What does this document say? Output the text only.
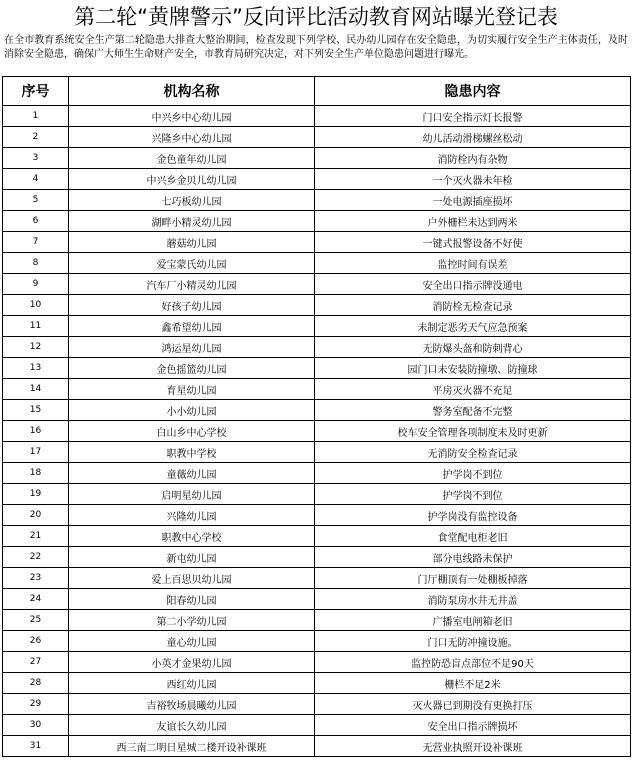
第二轮“黄牌警示”反向评比活动教育网站曝光登记表
在全市教育系统安全生产第二轮隐患大排查大整治期间，检查发现下列学校、民办幼儿园存在安全隐患，为切实履行安全生产主体责任，及时消除安全隐患，确保广大师生生命财产安全，市教育局研究决定，对下列安全生产单位隐患问题进行曝光。
序号	机构名称	隐患内容
1	中兴乡中心幼儿园	门口安全指示灯长报警
2	兴隆乡中心幼儿园	幼儿活动滑梯螺丝松动
3	金色童年幼儿园	消防栓内有杂物
4	中兴乡金贝儿幼儿园	一个灭火器未年检
5	七巧板幼儿园	一处电源插座损坏
6	湖畔小精灵幼儿园	户外栅栏未达到两米
7	蘑菇幼儿园	一键式报警设备不好使
8	爱宝蒙氏幼儿园	监控时间有误差
9	汽车厂小精灵幼儿园	安全出口指示牌没通电
10	好孩子幼儿园	消防栓无检查记录
11	鑫希望幼儿园	未制定恶劣天气应急预案
12	鸿运星幼儿园	无防爆头盔和防刺背心
13	金色摇篮幼儿园	园门口未安装防撞墩、防撞球
14	育星幼儿园	平房灭火器不充足
15	小小幼儿园	警务室配备不完整
16	白山乡中心学校	校车安全管理各项制度未及时更新
17	职教中学校	无消防安全检查记录
18	童薇幼儿园	护学岗不到位
19	启明星幼儿园	护学岗不到位
20	兴隆幼儿园	护学岗没有监控设备
21	职教中心学校	食堂配电柜老旧
22	新屯幼儿园	部分电线路未保护
23	爱上百思贝幼儿园	门厅棚顶有一处棚板掉落
24	阳春幼儿园	消防泵房水井无井盖
25	第二小学幼儿园	广播室电闸箱老旧
26	童心幼儿园	门口无防冲撞设施。
27	小英才金果幼儿园	监控防恐盲点部位不足90天
28	西红幼儿园	栅栏不足2米
29	吉裕牧场晨曦幼儿园	灭火器已到期没有更换打压
30	友谊长久幼儿园	安全出口指示牌损坏
31	西三南二明日星城二楼开设补课班	无营业执照开设补课班
